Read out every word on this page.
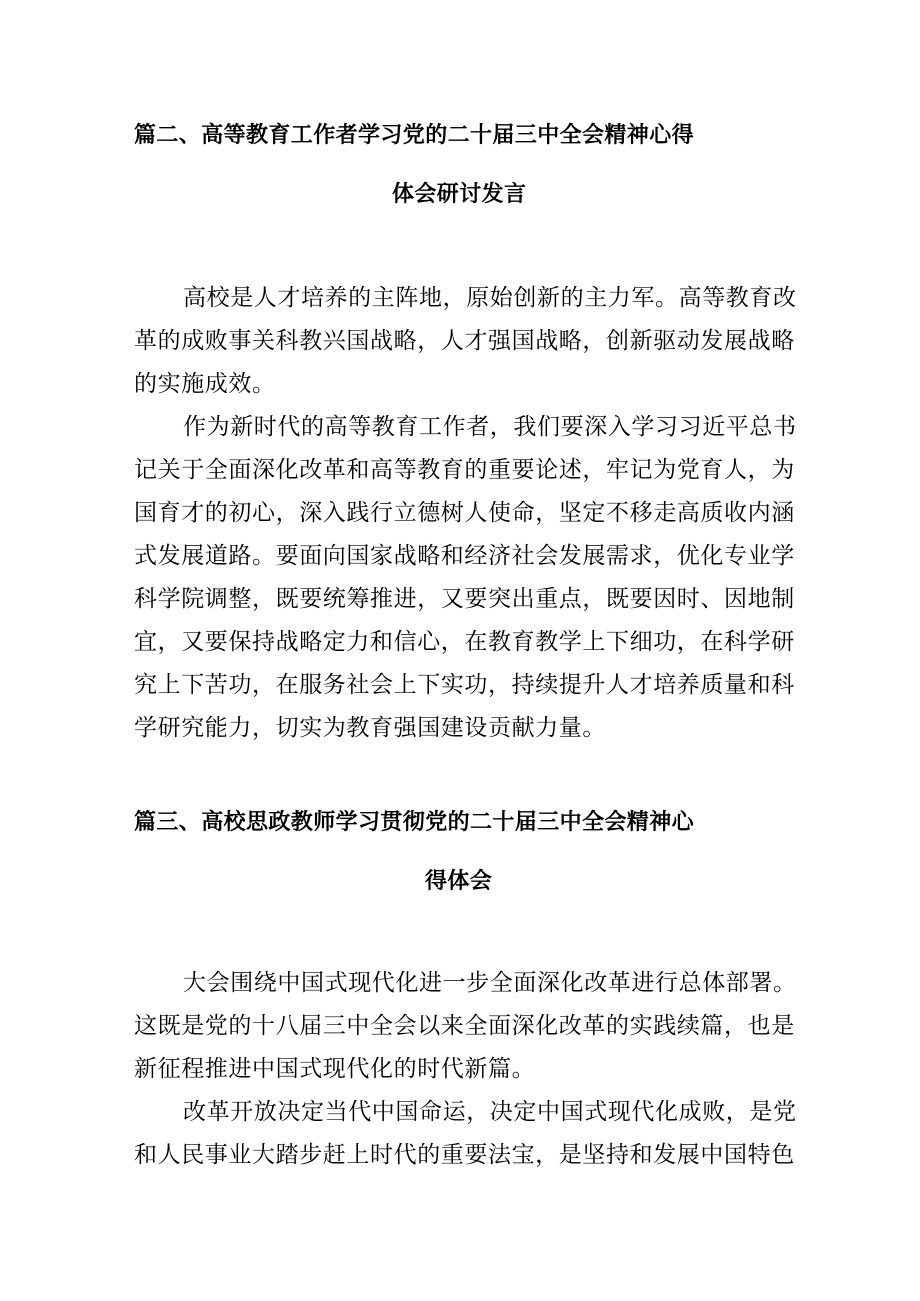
篇二、高等教育工作者学习党的二十届三中全会精神心得
体会研讨发言
高校是人才培养的主阵地，原始创新的主力军。高等教育改
革的成败事关科教兴国战略，人才强国战略，创新驱动发展战略
的实施成效。
作为新时代的高等教育工作者，我们要深入学习习近平总书
记关于全面深化改革和高等教育的重要论述，牢记为党育人，为
国育才的初心，深入践行立德树人使命，坚定不移走高质收内涵
式发展道路。要面向国家战略和经济社会发展需求，优化专业学
科学院调整，既要统筹推进，又要突出重点，既要因时、因地制
宜，又要保持战略定力和信心，在教育教学上下细功，在科学研
究上下苦功，在服务社会上下实功，持续提升人才培养质量和科
学研究能力，切实为教育强国建设贡献力量。
篇三、高校思政教师学习贯彻党的二十届三中全会精神心
得体会
大会围绕中国式现代化进一步全面深化改革进行总体部署。
这既是党的十八届三中全会以来全面深化改革的实践续篇，也是
新征程推进中国式现代化的时代新篇。
改革开放决定当代中国命运，决定中国式现代化成败，是党
和人民事业大踏步赶上时代的重要法宝，是坚持和发展中国特色
